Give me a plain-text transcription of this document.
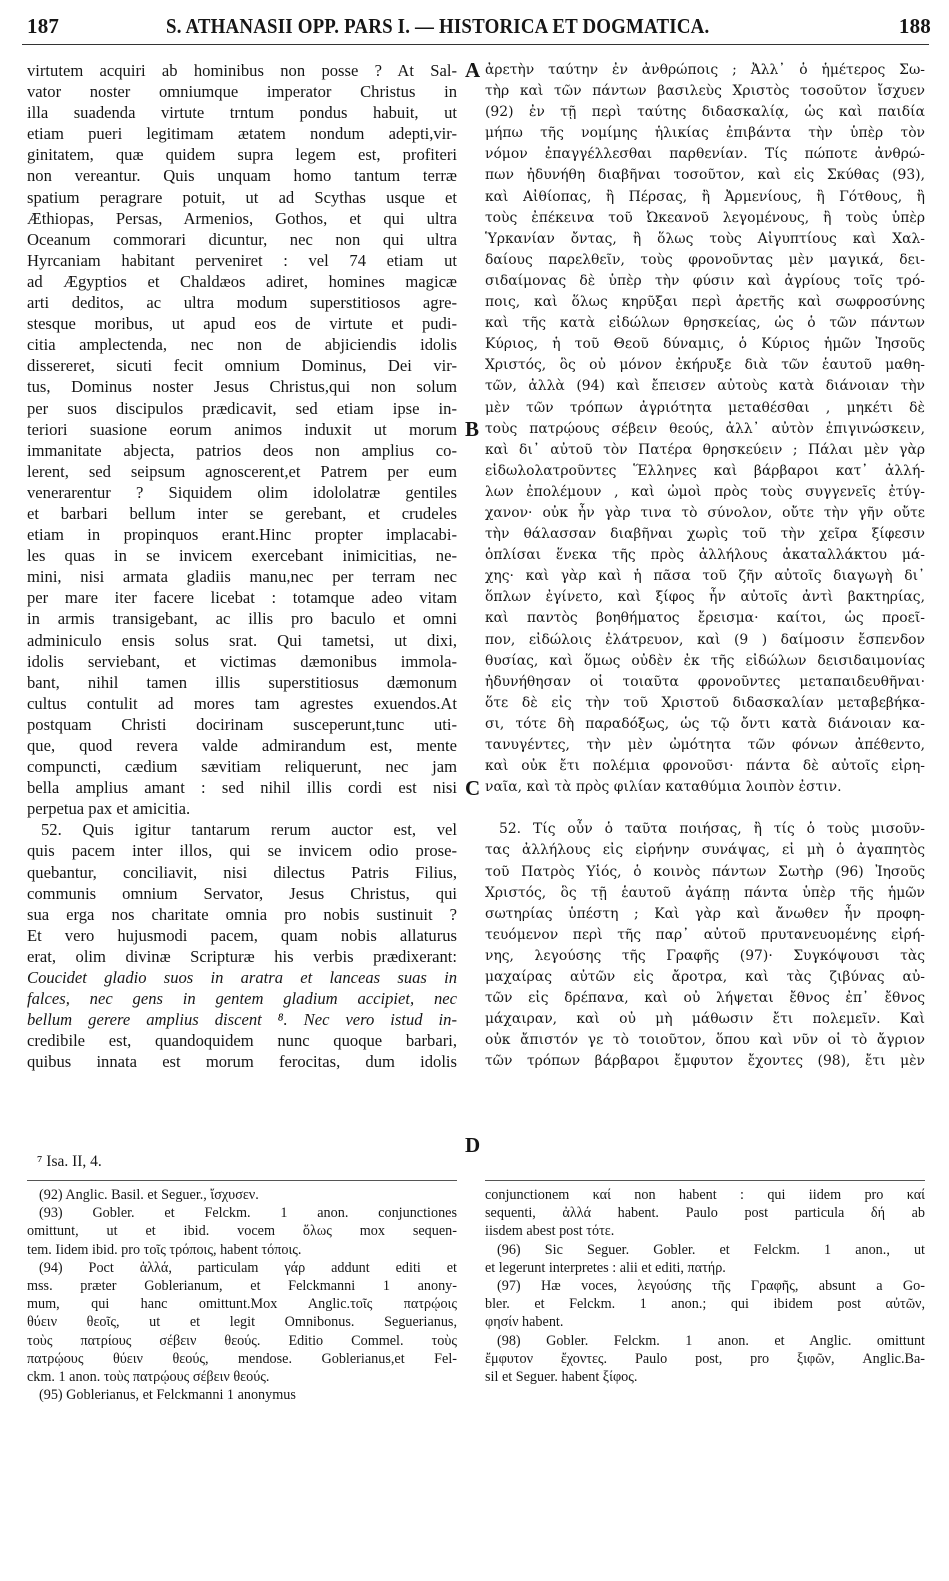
187	S. ATHANASII OPP. PARS I. — HISTORICA ET DOGMATICA.	188
virtutem acquiri ab hominibus non posse ? At Sal-
vator noster omniumque imperator Christus in
illa suadenda virtute trntum pondus habuit, ut
etiam pueri legitimam ætatem nondum adepti,vir-
ginitatem, quæ quidem supra legem est, profiteri
non vereantur. Quis unquam homo tantum terræ
spatium peragrare potuit, ut ad Scythas usque et
Æthiopas, Persas, Armenios, Gothos, et qui ultra
Oceanum commorari dicuntur, nec non qui ultra
Hyrcaniam habitant perveniret : vel 74 etiam ut
ad Ægyptios et Chaldæos adiret, homines magicæ
arti deditos, ac ultra modum superstitiosos agre-
stesque moribus, ut apud eos de virtute et pudi-
citia amplectenda, nec non de abjiciendis idolis
dissereret, sicuti fecit omnium Dominus, Dei vir-
tus, Dominus noster Jesus Christus,qui non solum
per suos discipulos prædicavit, sed etiam ipse in-
teriori suasione eorum animos induxit ut morum
immanitate abjecta, patrios deos non amplius co-
lerent, sed seipsum agnoscerent,et Patrem per eum
venerarentur ? Siquidem olim idololatræ gentiles
et barbari bellum inter se gerebant, et crudeles
etiam in propinquos erant.Hinc propter implacabi-
les quas in se invicem exercebant inimicitias, ne-
mini, nisi armata gladiis manu,nec per terram nec
per mare iter facere licebat : totamque adeo vitam
in armis transigebant, ac illis pro baculo et omni
adminiculo ensis solus srat. Qui tametsi, ut dixi,
idolis serviebant, et victimas dæmonibus immola-
bant, nihil tamen illis superstitiosus dæmonum
cultus contulit ad mores tam agrestes exuendos.At
postquam Christi docirinam susceperunt,tunc uti-
que, quod revera valde admirandum est, mente
compuncti, cædium sævitiam reliquerunt, nec jam
bella amplius amant : sed nihil illis cordi est nisi
perpetua pax et amicitia.
52. Quis igitur tantarum rerum auctor est, vel
quis pacem inter illos, qui se invicem odio prose-
quebantur, conciliavit, nisi dilectus Patris Filius,
communis omnium Servator, Jesus Christus, qui
sua erga nos charitate omnia pro nobis sustinuit ?
Et vero hujusmodi pacem, quam nobis allaturus
erat, olim divinæ Scripturæ his verbis prædixerant:
Coucidet gladio suos in aratra et lanceas suas in
falces, nec gens in gentem gladium accipiet, nec
bellum gerere amplius discent ⁸. Nec vero istud in-
credibile est, quandoquidem nunc quoque barbari,
quibus innata est morum ferocitas, dum idolis
⁷ Isa. II, 4.
ἀρετὴν ταύτην ἐν ἀνθρώποις ; Ἀλλ᾽ ὁ ἡμέτερος Σω-
τὴρ καὶ τῶν πάντων βασιλεὺς Χριστὸς τοσοῦτον ἴσχυεν
(92) ἐν τῇ περὶ ταύτης διδασκαλίᾳ, ὡς καὶ παιδία
μήπω τῆς νομίμης ἡλικίας ἐπιβάντα τὴν ὑπὲρ τὸν
νόμον ἐπαγγέλλεσθαι παρθενίαν. Τίς πώποτε ἀνθρώ-
πων ἠδυνήθη διαβῆναι τοσοῦτον, καὶ εἰς Σκύθας (93),
καὶ Αἰθίοπας, ἢ Πέρσας, ἢ Ἀρμενίους, ἢ Γότθους, ἢ
τοὺς ἐπέκεινα τοῦ Ὠκεανοῦ λεγομένους, ἢ τοὺς ὑπὲρ
Ὑρκανίαν ὄντας, ἢ ὅλως τοὺς Αἰγυπτίους καὶ Χαλ-
δαίους παρελθεῖν, τοὺς φρονοῦντας μὲν μαγικά, δει-
σιδαίμονας δὲ ὑπὲρ τὴν φύσιν καὶ ἀγρίους τοῖς τρό-
ποις, καὶ ὅλως κηρῦξαι περὶ ἀρετῆς καὶ σωφροσύνης
καὶ τῆς κατὰ εἰδώλων θρησκείας, ὡς ὁ τῶν πάντων
Κύριος, ἡ τοῦ Θεοῦ δύναμις, ὁ Κύριος ἡμῶν Ἰησοῦς
Χριστός, ὃς οὐ μόνον ἐκήρυξε διὰ τῶν ἑαυτοῦ μαθη-
τῶν, ἀλλὰ (94) καὶ ἔπεισεν αὐτοὺς κατὰ διάνοιαν τὴν
μὲν τῶν τρόπων ἀγριότητα μεταθέσθαι , μηκέτι δὲ
τοὺς πατρῴους σέβειν θεούς, ἀλλ᾽ αὐτὸν ἐπιγινώσκειν,
καὶ δι᾽ αὐτοῦ τὸν Πατέρα θρησκεύειν ; Πάλαι μὲν γὰρ
εἰδωλολατροῦντες Ἕλληνες καὶ βάρβαροι κατ᾽ ἀλλή-
λων ἐπολέμουν , καὶ ὠμοὶ πρὸς τοὺς συγγενεῖς ἐτύγ-
χανον· οὐκ ἦν γὰρ τινα τὸ σύνολον, οὔτε τὴν γῆν οὔτε
τὴν θάλασσαν διαβῆναι χωρὶς τοῦ τὴν χεῖρα ξίφεσιν
ὁπλίσαι ἕνεκα τῆς πρὸς ἀλλήλους ἀκαταλλάκτου μά-
χης· καὶ γὰρ καὶ ἡ πᾶσα τοῦ ζῆν αὐτοῖς διαγωγὴ δι᾽
ὅπλων ἐγίνετο, καὶ ξίφος ἦν αὐτοῖς ἀντὶ βακτηρίας,
καὶ παντὸς βοηθήματος ἔρεισμα· καίτοι, ὡς προεῖ-
πον, εἰδώλοις ἐλάτρευον, καὶ (9 ) δαίμοσιν ἔσπενδον
θυσίας, καὶ ὅμως οὐδὲν ἐκ τῆς εἰδώλων δεισιδαιμονίας
ἠδυνήθησαν οἱ τοιαῦτα φρονοῦντες μεταπαιδευθῆναι·
ὅτε δὲ εἰς τὴν τοῦ Χριστοῦ διδασκαλίαν μεταβεβήκα-
σι, τότε δὴ παραδόξως, ὡς τῷ ὄντι κατὰ διάνοιαν κα-
τανυγέντες, τὴν μὲν ὠμότητα τῶν φόνων ἀπέθεντο,
καὶ οὐκ ἔτι πολέμια φρονοῦσι· πάντα δὲ αὐτοῖς εἰρη-
ναῖα, καὶ τὰ πρὸς φιλίαν καταθύμια λοιπὸν ἐστιν.
52. Τίς οὖν ὁ ταῦτα ποιήσας, ἢ τίς ὁ τοὺς μισοῦν-
τας ἀλλήλους εἰς εἰρήνην συνάψας, εἰ μὴ ὁ ἀγαπητὸς
τοῦ Πατρὸς Υἱός, ὁ κοινὸς πάντων Σωτὴρ (96) Ἰησοῦς
Χριστός, ὃς τῇ ἑαυτοῦ ἀγάπῃ πάντα ὑπὲρ τῆς ἡμῶν
σωτηρίας ὑπέστη ; Καὶ γὰρ καὶ ἄνωθεν ἦν προφη-
τευόμενον περὶ τῆς παρ᾽ αὐτοῦ πρυτανευομένης εἰρή-
νης, λεγούσης τῆς Γραφῆς (97)· Συγκόψουσι τὰς
μαχαίρας αὐτῶν εἰς ἄροτρα, καὶ τὰς ζιβύνας αὐ-
τῶν εἰς δρέπανα, καὶ οὐ λήψεται ἔθνος ἐπ᾽ ἔθνος
μάχαιραν, καὶ οὐ μὴ μάθωσιν ἔτι πολεμεῖν. Καὶ
οὐκ ἄπιστόν γε τὸ τοιοῦτον, ὅπου καὶ νῦν οἱ τὸ ἄγριον
τῶν τρόπων βάρβαροι ἔμφυτον ἔχοντες (98), ἔτι μὲν
A
B
C
D
(92) Anglic. Basil. et Seguer., ἴσχυσεν.
(93) Gobler. et Felckm. 1 anon. conjunctiones
omittunt, ut et ibid. vocem ὅλως mox sequen-
tem. Iidem ibid. pro τοῖς τρόποις, habent τόποις.
(94) Poct ἀλλά, particulam γάρ addunt editi et
mss. præter Goblerianum, et Felckmanni 1 anony-
mum, qui hanc omittunt.Mox Anglic.τοῖς πατρῴοις
θύειν θεοῖς, ut et legit Omnibonus. Seguerianus,
τοὺς πατρίους σέβειν θεούς. Editio Commel. τοὺς
πατρῴους θύειν θεούς, mendose. Goblerianus,et Fel-
ckm. 1 anon. τοὺς πατρῴους σέβειν θεούς.
(95) Goblerianus, et Felckmanni 1 anonymus
conjunctionem καί non habent : qui iidem pro καί
sequenti, ἀλλά habent. Paulo post particula δή ab
iisdem abest post τότε.
(96) Sic Seguer. Gobler. et Felckm. 1 anon., ut
et legerunt interpretes : alii et editi, πατήρ.
(97) Hæ voces, λεγούσης τῆς Γραφῆς, absunt a Go-
bler. et Felckm. 1 anon.; qui ibidem post αὐτῶν,
φησίν habent.
(98) Gobler. Felckm. 1 anon. et Anglic. omittunt
ἔμφυτον ἔχοντες. Paulo post, pro ξιφῶν, Anglic.Ba-
sil et Seguer. habent ξίφος.
